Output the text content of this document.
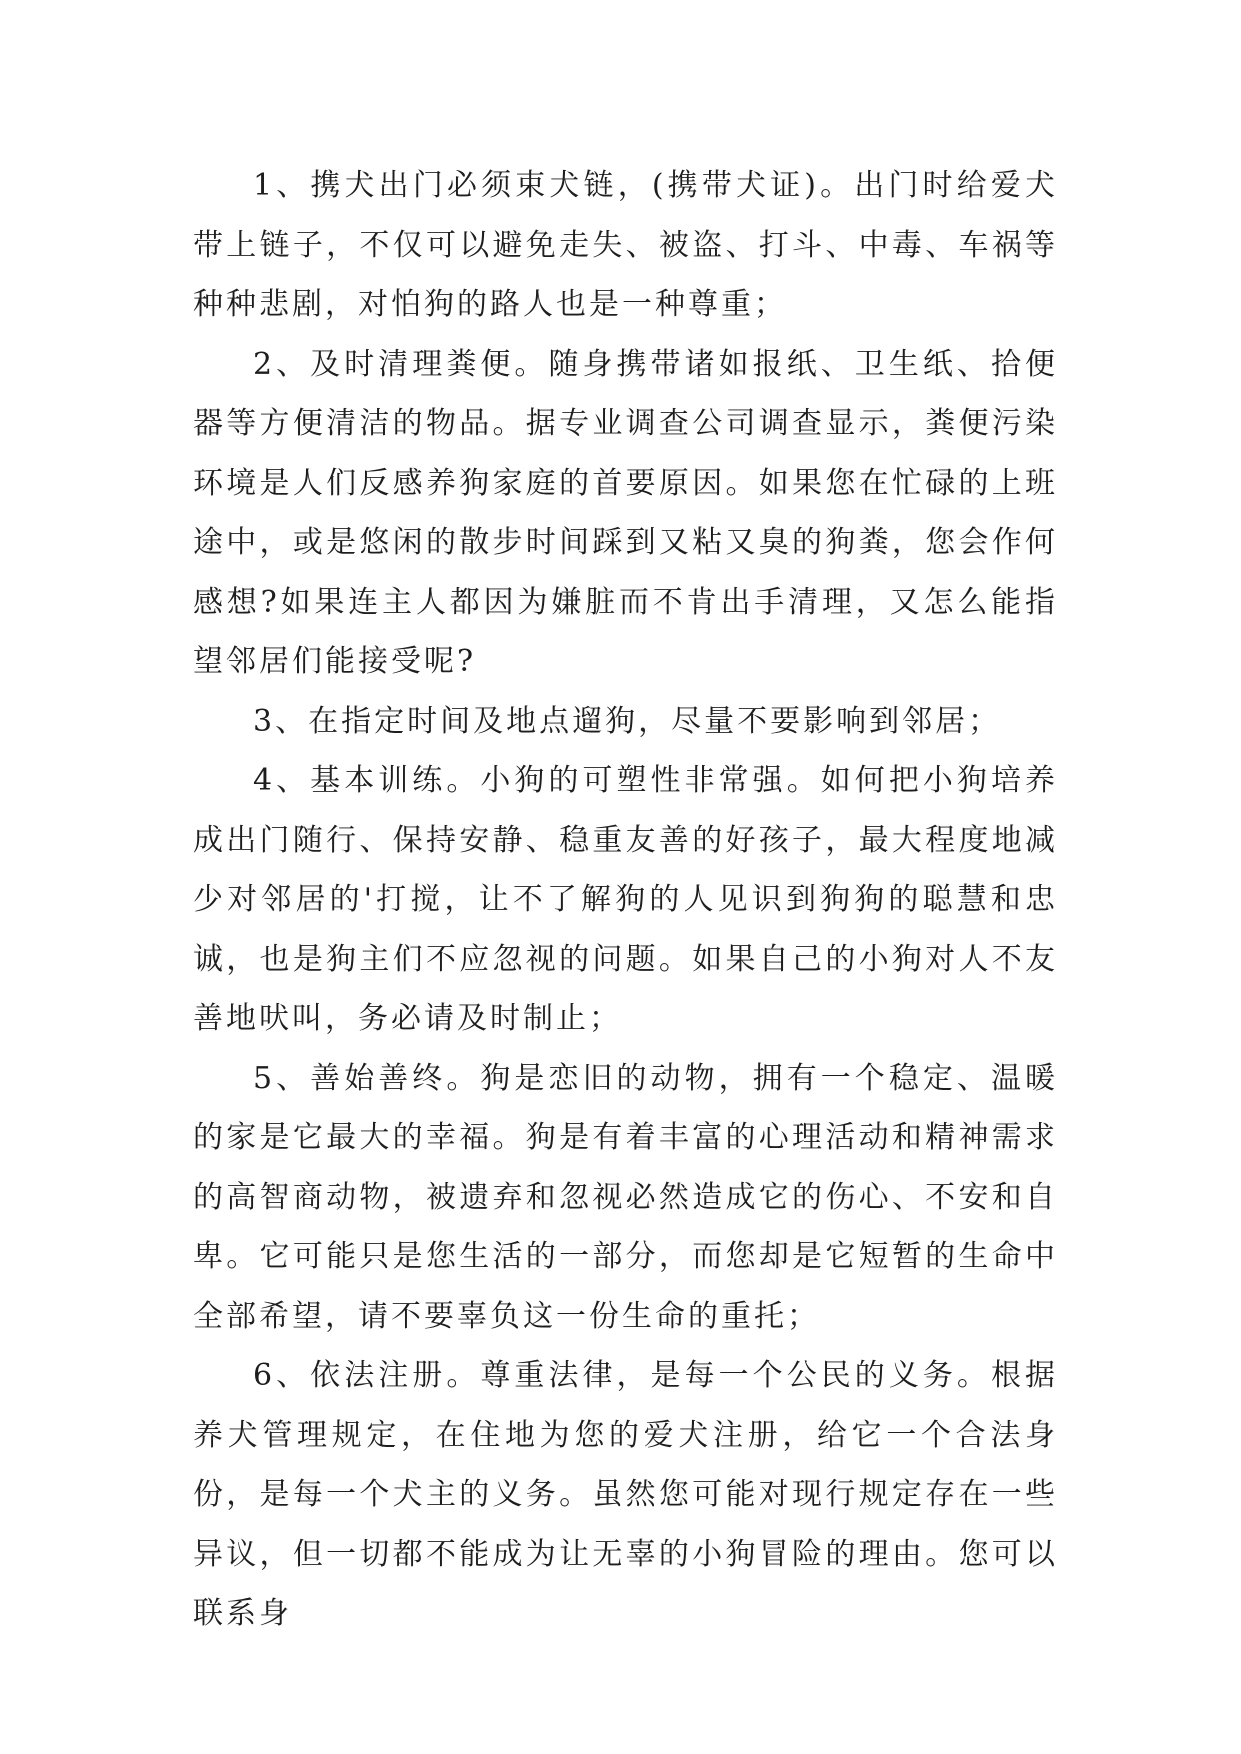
1、携犬出门必须束犬链，(携带犬证)。出门时给爱犬带上链子，不仅可以避免走失、被盗、打斗、中毒、车祸等种种悲剧，对怕狗的路人也是一种尊重；

2、及时清理粪便。随身携带诸如报纸、卫生纸、拾便器等方便清洁的物品。据专业调查公司调查显示，粪便污染环境是人们反感养狗家庭的首要原因。如果您在忙碌的上班途中，或是悠闲的散步时间踩到又粘又臭的狗粪，您会作何感想?如果连主人都因为嫌脏而不肯出手清理，又怎么能指望邻居们能接受呢?

3、在指定时间及地点遛狗，尽量不要影响到邻居；

4、基本训练。小狗的可塑性非常强。如何把小狗培养成出门随行、保持安静、稳重友善的好孩子，最大程度地减少对邻居的'打搅，让不了解狗的人见识到狗狗的聪慧和忠诚，也是狗主们不应忽视的问题。如果自己的小狗对人不友善地吠叫，务必请及时制止；

5、善始善终。狗是恋旧的动物，拥有一个稳定、温暖的家是它最大的幸福。狗是有着丰富的心理活动和精神需求的高智商动物，被遗弃和忽视必然造成它的伤心、不安和自卑。它可能只是您生活的一部分，而您却是它短暂的生命中全部希望，请不要辜负这一份生命的重托；

6、依法注册。尊重法律，是每一个公民的义务。根据养犬管理规定，在住地为您的爱犬注册，给它一个合法身份，是每一个犬主的义务。虽然您可能对现行规定存在一些异议，但一切都不能成为让无辜的小狗冒险的理由。您可以联系身
